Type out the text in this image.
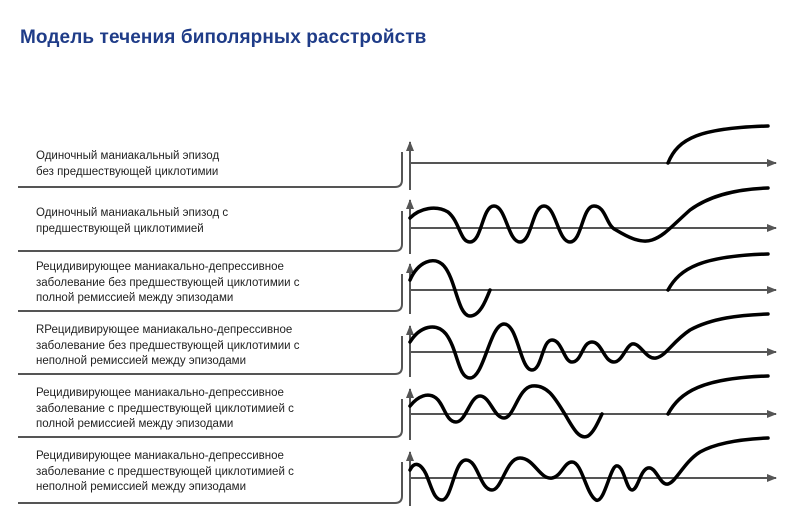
Модель течения биполярных расстройств
Одиночный маниакальный эпизод
без предшествующей циклотимии
Одиночный маниакальный эпизод с
предшествующей циклотимией
Рецидивирующее маниакально-депрессивное
заболевание без предшествующей циклотимии с
полной ремиссией между эпизодами
RРецидивирующее маниакально-депрессивное
заболевание без предшествующей циклотимии с
неполной ремиссией между эпизодами
Рецидивирующее маниакально-депрессивное
заболевание с предшествующей циклотимией с
полной ремиссией между эпизодами
Рецидивирующее маниакально-депрессивное
заболевание с предшествующей циклотимией с
неполной ремиссией между эпизодами
